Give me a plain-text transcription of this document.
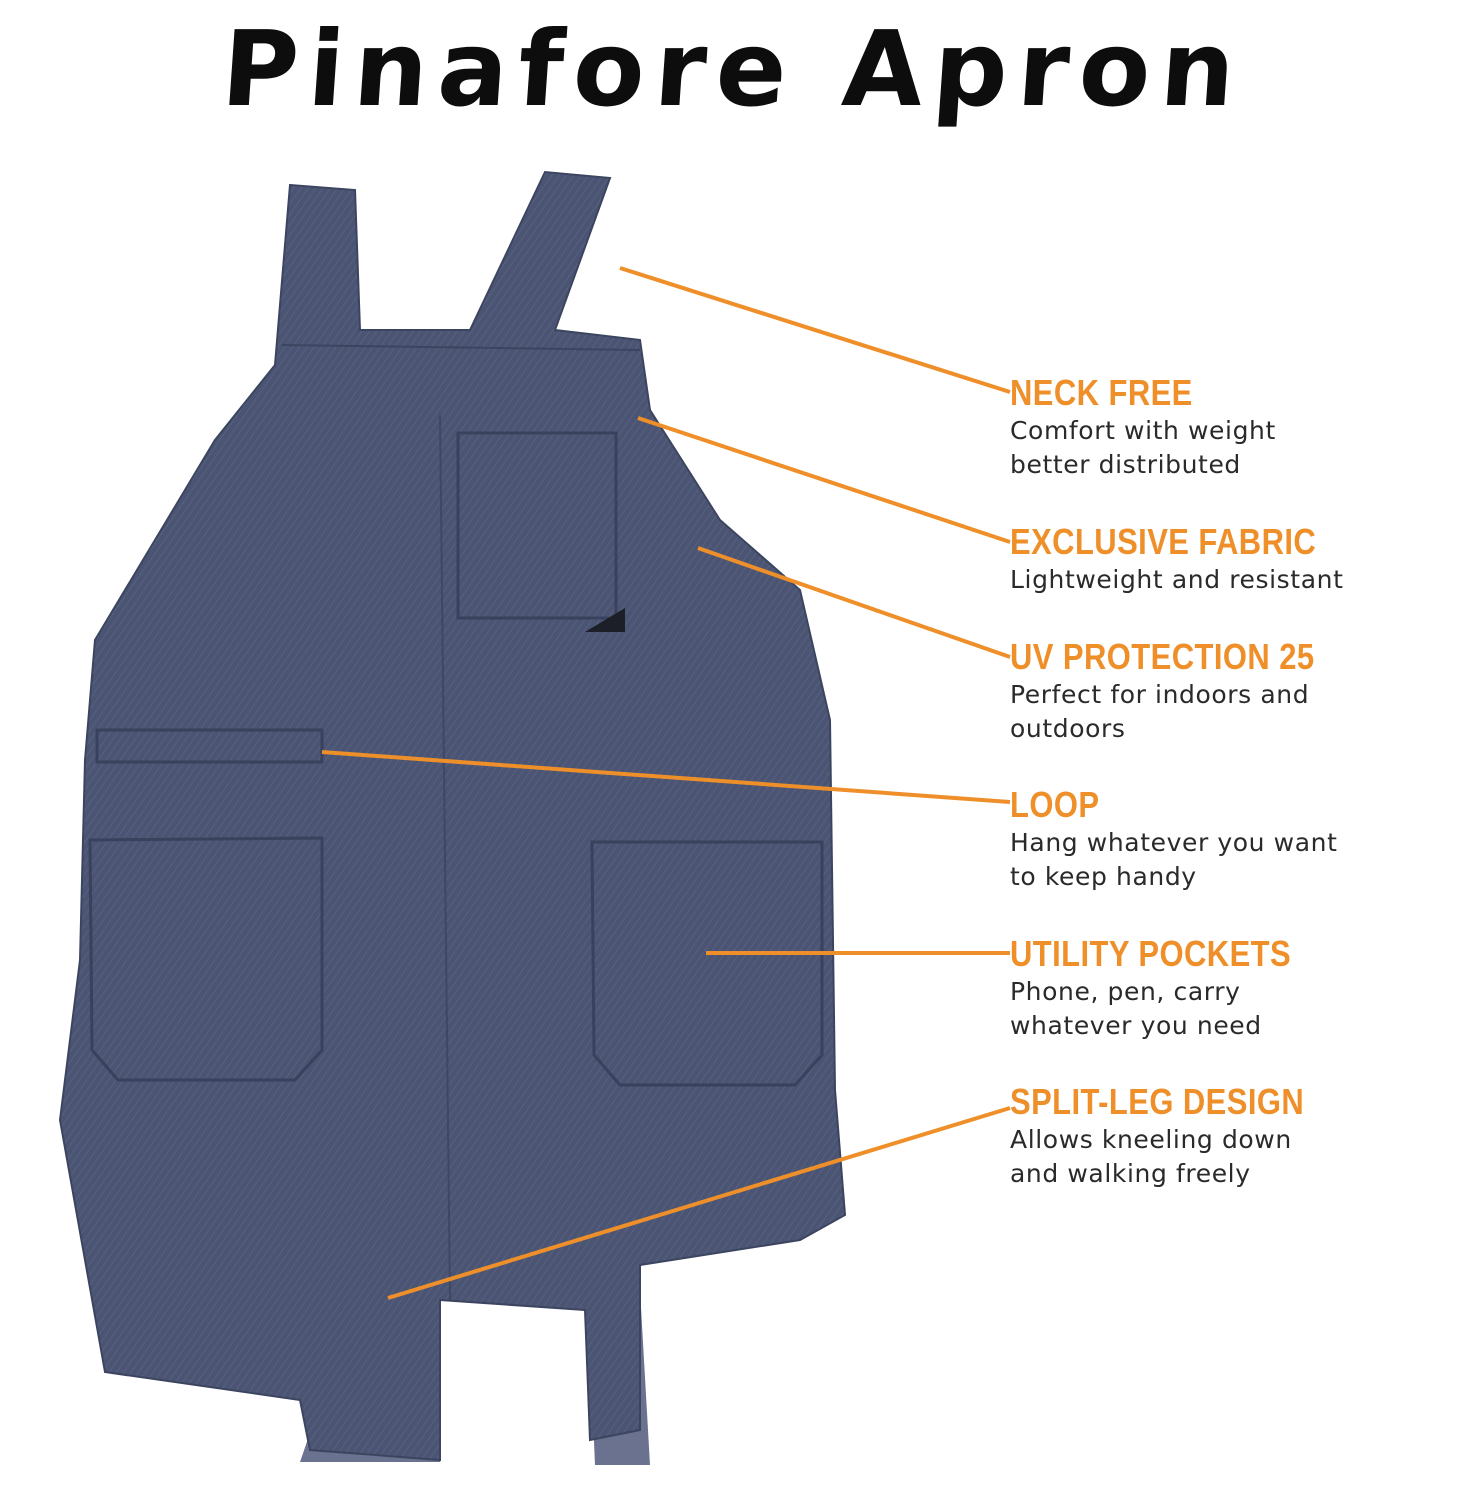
Pinafore Apron
NECK FREE
Comfort with weight
better distributed
EXCLUSIVE FABRIC
Lightweight and resistant
UV PROTECTION 25
Perfect for indoors and
outdoors
LOOP
Hang whatever you want
to keep handy
UTILITY POCKETS
Phone, pen, carry
whatever you need
SPLIT-LEG DESIGN
Allows kneeling down
and walking freely
